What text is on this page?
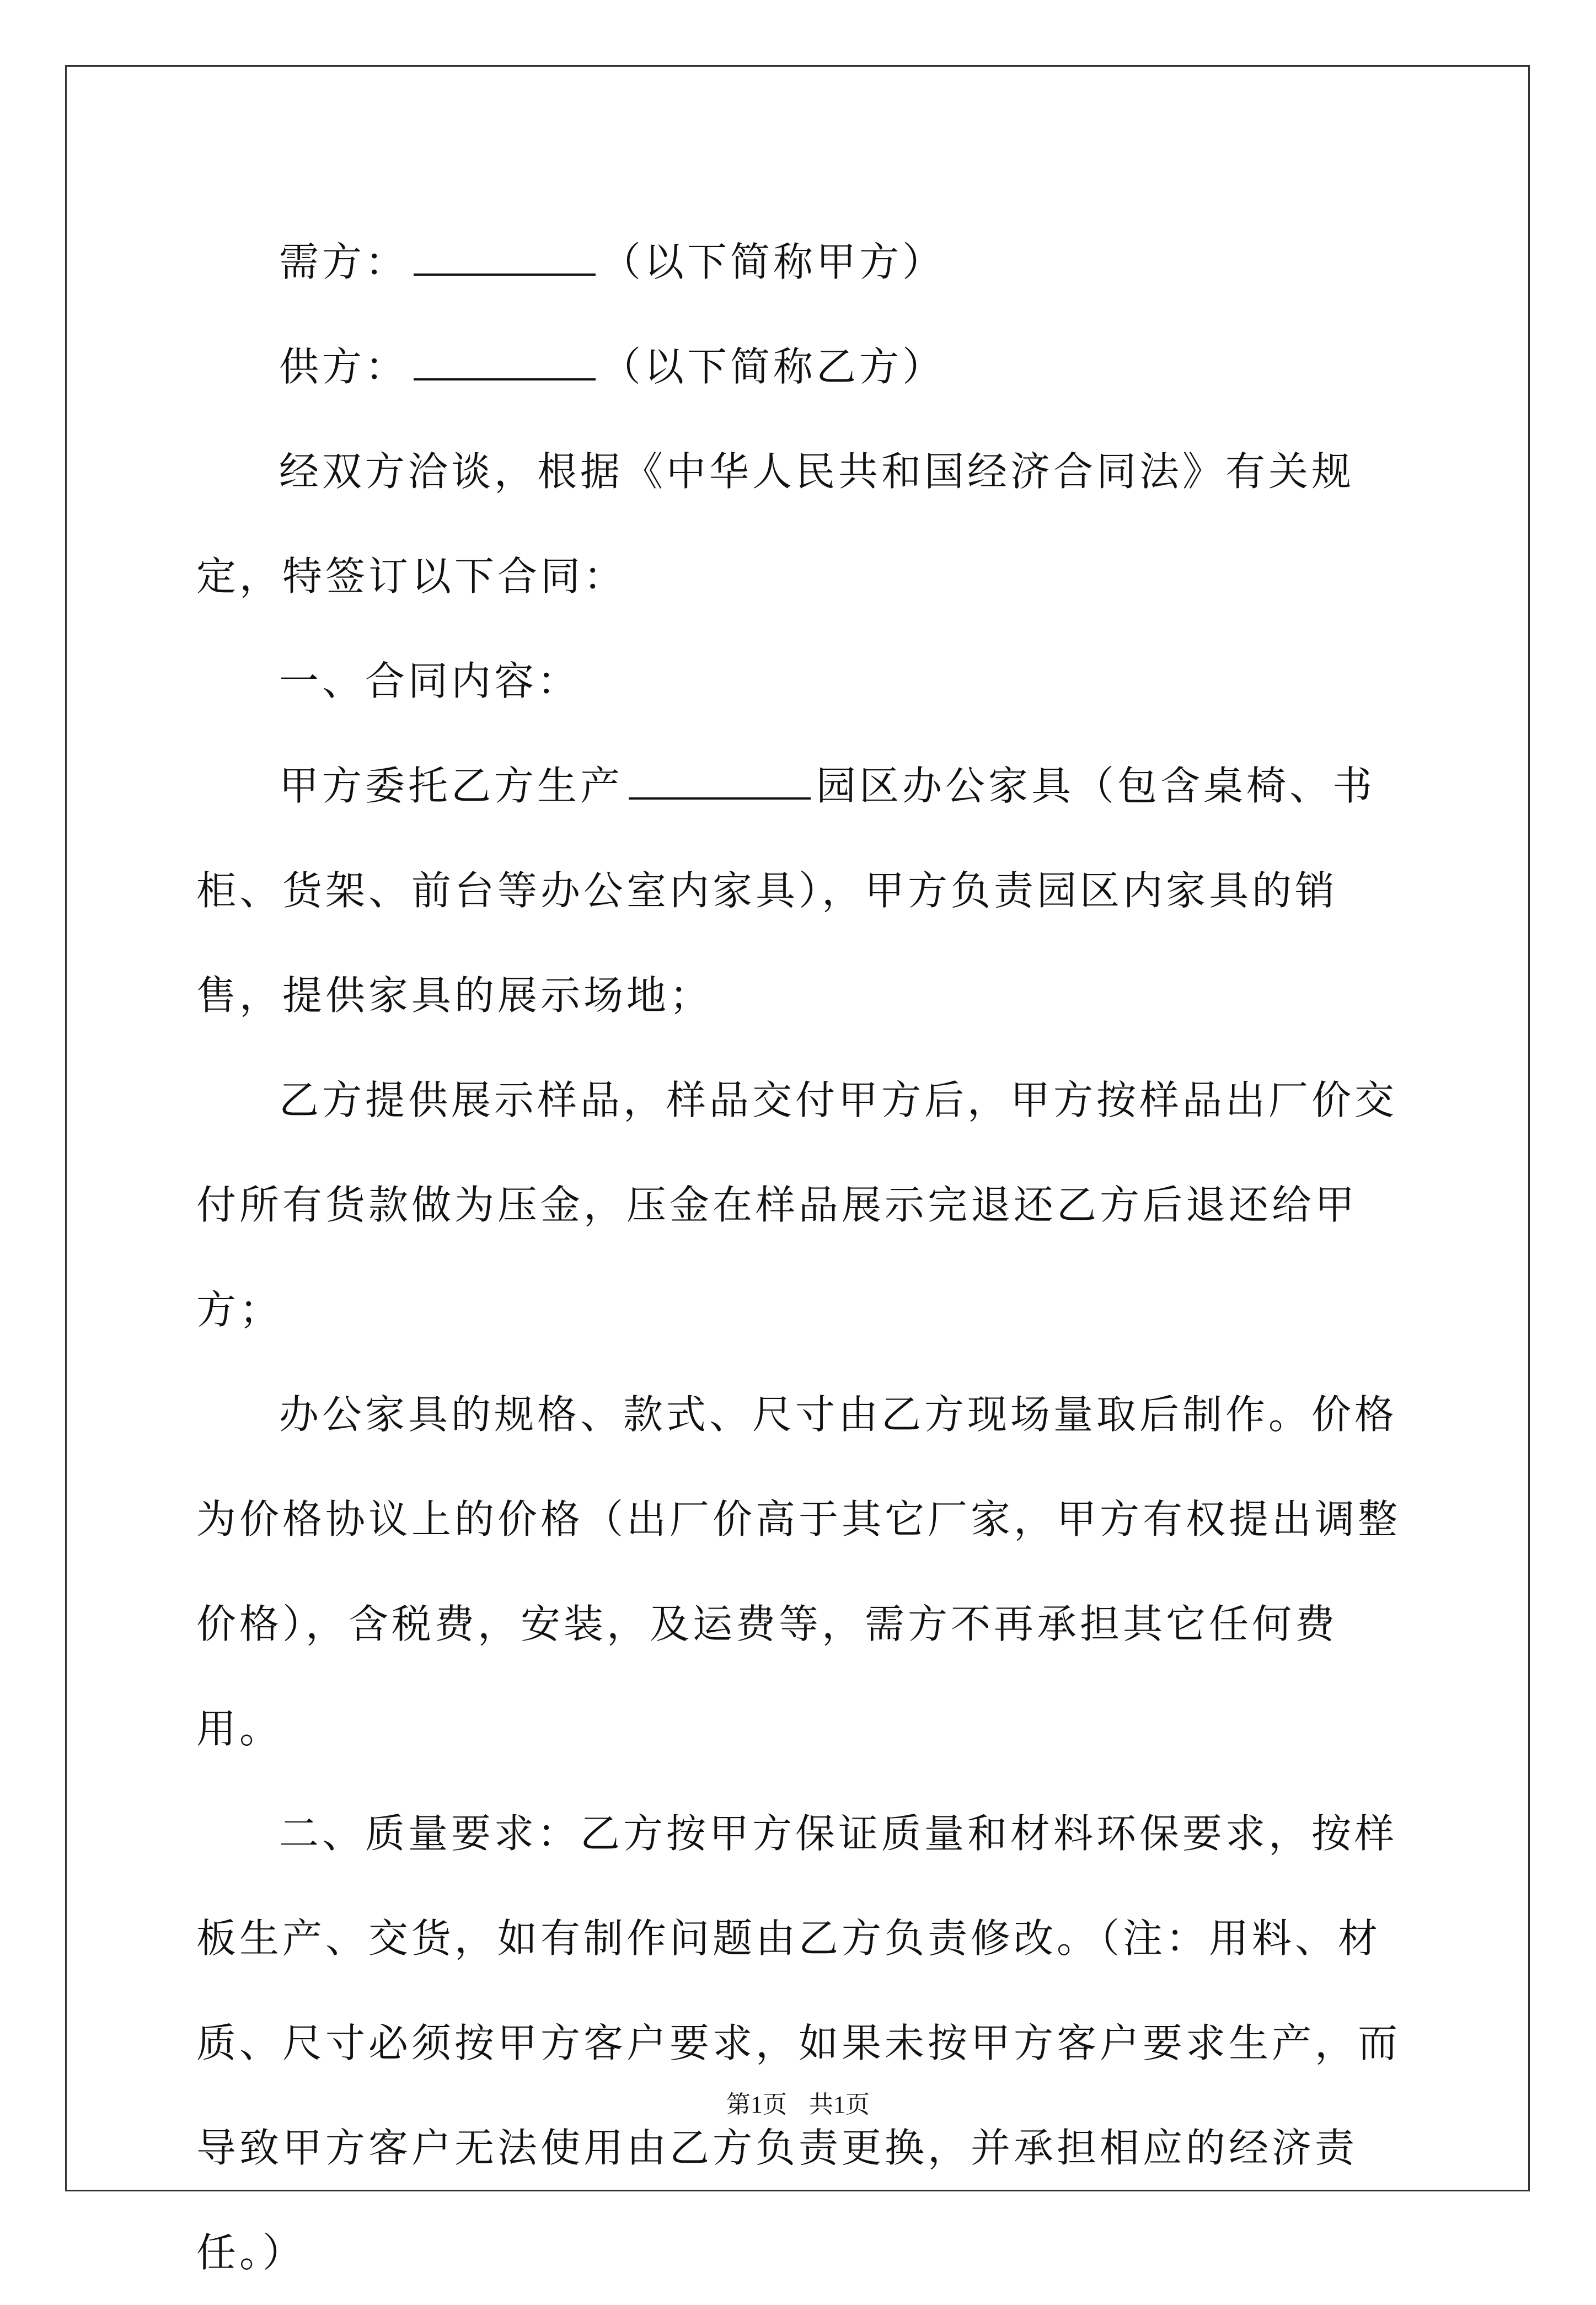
需方：	（以下简称甲方）

供方：	（以下简称乙方）

经双方洽谈，根据《中华人民共和国经济合同法》有关规定，特签订以下合同：

一、合同内容：

甲方委托乙方生产	园区办公家具（包含桌椅、书柜、货架、前台等办公室内家具），甲方负责园区内家具的销售，提供家具的展示场地；

乙方提供展示样品，样品交付甲方后，甲方按样品出厂价交付所有货款做为压金，压金在样品展示完退还乙方后退还给甲方；

办公家具的规格、款式、尺寸由乙方现场量取后制作。价格为价格协议上的价格（出厂价高于其它厂家，甲方有权提出调整价格），含税费，安装，及运费等，需方不再承担其它任何费用。

二、质量要求：乙方按甲方保证质量和材料环保要求，按样板生产、交货，如有制作问题由乙方负责修改。（注：用料、材质、尺寸必须按甲方客户要求，如果未按甲方客户要求生产，而导致甲方客户无法使用由乙方负责更换，并承担相应的经济责任。）

第1页 共1页
